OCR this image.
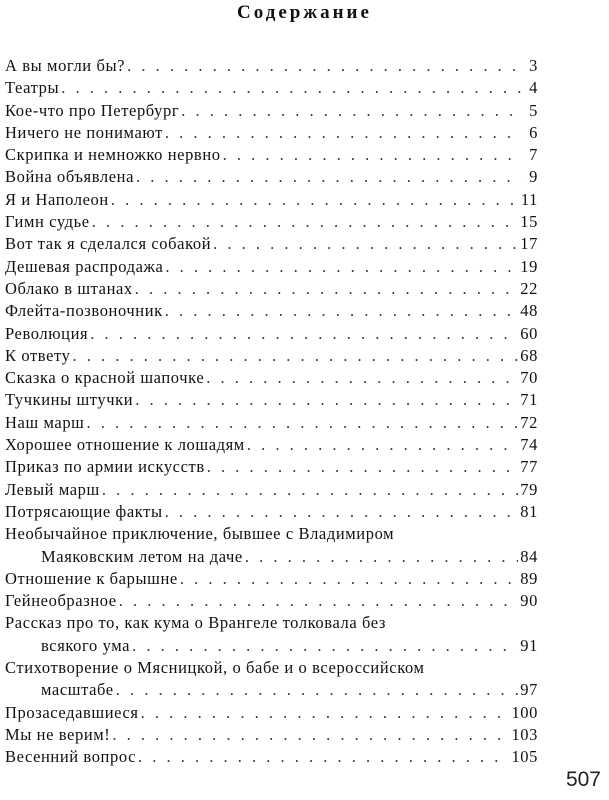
Содержание
А вы могли бы? . . .	3
Театры . . .	4
Кое-что про Петербург . . .	5
Ничего не понимают . . .	6
Скрипка и немножко нервно . . .	7
Война объявлена . . .	9
Я и Наполеон . . .	11
Гимн судье . . .	15
Вот так я сделался собакой . . .	17
Дешевая распродажа . . .	19
Облако в штанах . . .	22
Флейта-позвоночник . . .	48
Революция . . .	60
К ответу . . .	68
Сказка о красной шапочке . . .	70
Тучкины штучки . . .	71
Наш марш . . .	72
Хорошее отношение к лошадям . . .	74
Приказ по армии искусств . . .	77
Левый марш . . .	79
Потрясающие факты . . .	81
Необычайное приключение, бывшее с Владимиром
Маяковским летом на даче . . .	84
Отношение к барышне . . .	89
Гейнеобразное . . .	90
Рассказ про то, как кума о Врангеле толковала без
всякого ума . . .	91
Стихотворение о Мясницкой, о бабе и о всероссийском
масштабе . . .	97
Прозаседавшиеся . . .	100
Мы не верим! . . .	103
Весенний вопрос . . .	105
507
